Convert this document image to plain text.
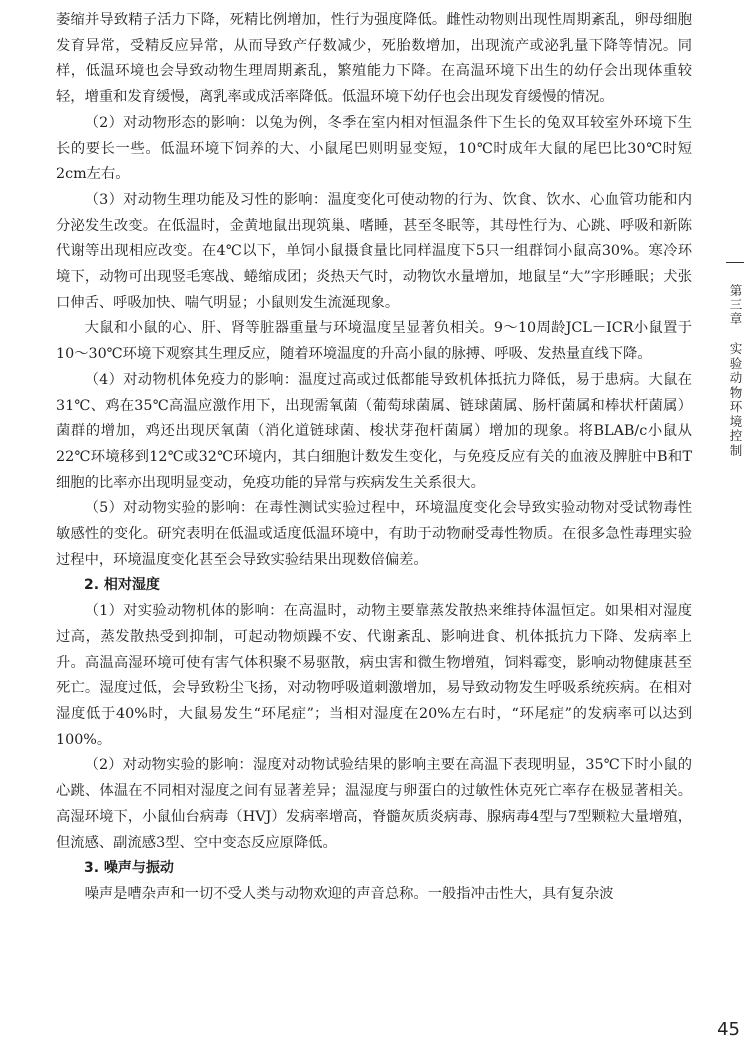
萎缩并导致精子活力下降，死精比例增加，性行为强度降低。雌性动物则出现性周期紊乱，卵母细胞发育异常，受精反应异常，从而导致产仔数减少，死胎数增加，出现流产或泌乳量下降等情况。同样，低温环境也会导致动物生理周期紊乱，繁殖能力下降。在高温环境下出生的幼仔会出现体重较轻，增重和发育缓慢，离乳率或成活率降低。低温环境下幼仔也会出现发育缓慢的情况。

（2）对动物形态的影响：以兔为例，冬季在室内相对恒温条件下生长的兔双耳较室外环境下生长的要长一些。低温环境下饲养的大、小鼠尾巴则明显变短，10℃时成年大鼠的尾巴比30℃时短2cm左右。

（3）对动物生理功能及习性的影响：温度变化可使动物的行为、饮食、饮水、心血管功能和内分泌发生改变。在低温时，金黄地鼠出现筑巢、嗜睡，甚至冬眠等，其母性行为、心跳、呼吸和新陈代谢等出现相应改变。在4℃以下，单饲小鼠摄食量比同样温度下5只一组群饲小鼠高30%。寒冷环境下，动物可出现竖毛寒战、蜷缩成团；炎热天气时，动物饮水量增加，地鼠呈“大”字形睡眠；犬张口伸舌、呼吸加快、喘气明显；小鼠则发生流涎现象。

大鼠和小鼠的心、肝、肾等脏器重量与环境温度呈显著负相关。9～10周龄JCL－ICR小鼠置于10～30℃环境下观察其生理反应，随着环境温度的升高小鼠的脉搏、呼吸、发热量直线下降。

（4）对动物机体免疫力的影响：温度过高或过低都能导致机体抵抗力降低，易于患病。大鼠在31℃、鸡在35℃高温应激作用下，出现需氧菌（葡萄球菌属、链球菌属、肠杆菌属和棒状杆菌属）菌群的增加，鸡还出现厌氧菌（消化道链球菌、梭状芽孢杆菌属）增加的现象。将BLAB/c小鼠从22℃环境移到12℃或32℃环境内，其白细胞计数发生变化，与免疫反应有关的血液及脾脏中B和T细胞的比率亦出现明显变动，免疫功能的异常与疾病发生关系很大。

（5）对动物实验的影响：在毒性测试实验过程中，环境温度变化会导致实验动物对受试物毒性敏感性的变化。研究表明在低温或适度低温环境中，有助于动物耐受毒性物质。在很多急性毒理实验过程中，环境温度变化甚至会导致实验结果出现数倍偏差。

2. 相对湿度

（1）对实验动物机体的影响：在高温时，动物主要靠蒸发散热来维持体温恒定。如果相对湿度过高，蒸发散热受到抑制，可起动物烦躁不安、代谢紊乱、影响进食、机体抵抗力下降、发病率上升。高温高湿环境可使有害气体积聚不易驱散，病虫害和微生物增殖，饲料霉变，影响动物健康甚至死亡。湿度过低，会导致粉尘飞扬，对动物呼吸道刺激增加，易导致动物发生呼吸系统疾病。在相对湿度低于40%时，大鼠易发生“环尾症”；当相对湿度在20%左右时，“环尾症”的发病率可以达到100%。

（2）对动物实验的影响：湿度对动物试验结果的影响主要在高温下表现明显，35℃下时小鼠的心跳、体温在不同相对湿度之间有显著差异；温湿度与卵蛋白的过敏性休克死亡率存在极显著相关。高湿环境下，小鼠仙台病毒（HVJ）发病率增高，脊髓灰质炎病毒、腺病毒4型与7型颗粒大量增殖，但流感、副流感3型、空中变态反应原降低。

3. 噪声与振动

噪声是嘈杂声和一切不受人类与动物欢迎的声音总称。一般指冲击性大，具有复杂波

第三章
实验动物环境控制
45
